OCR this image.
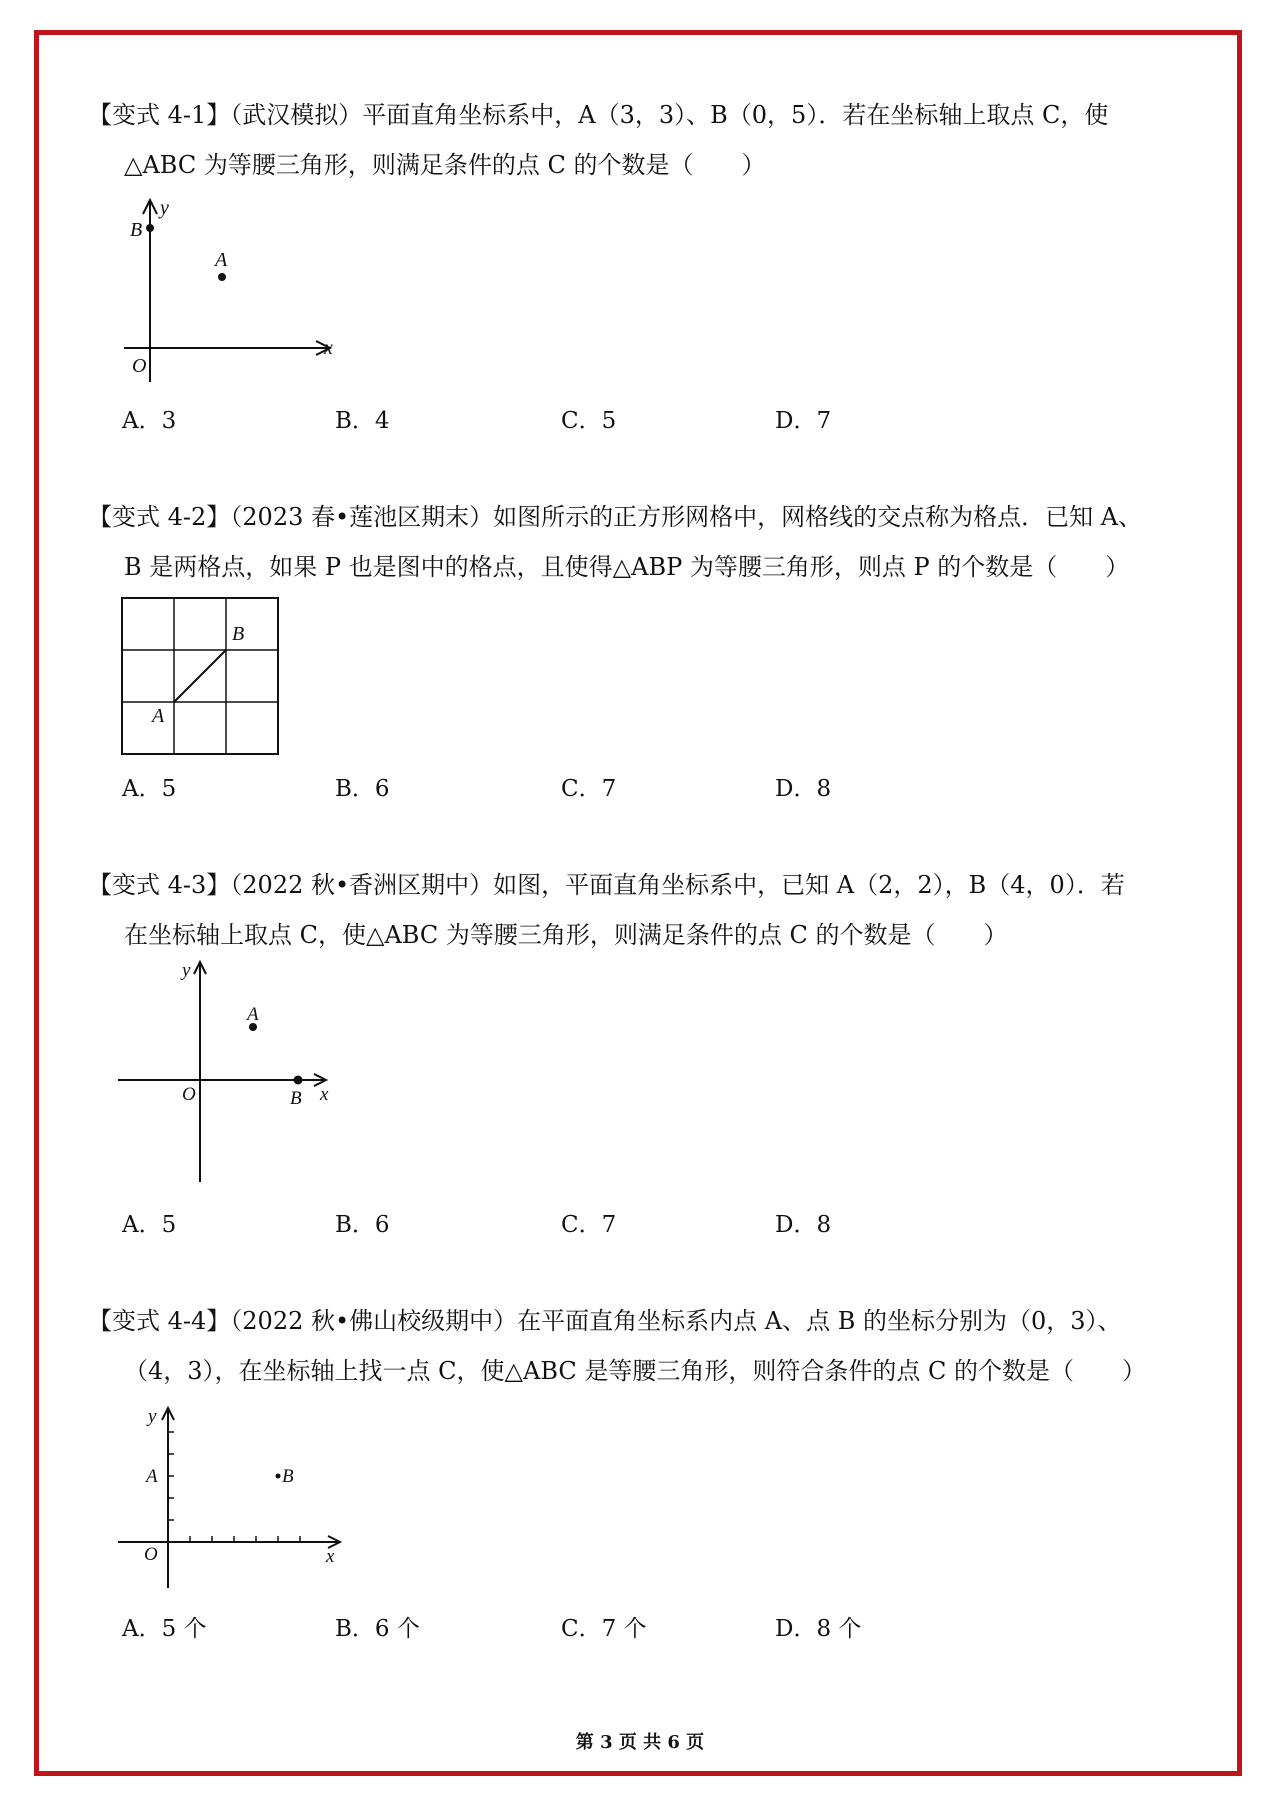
【变式 4-1】（武汉模拟）平面直角坐标系中，A（3，3）、B（0，5）．若在坐标轴上取点 C，使
△ABC 为等腰三角形，则满足条件的点 C 的个数是（　　）
B
y
A
O
x
A．3	B．4	C．5	D．7
【变式 4-2】（2023 春•莲池区期末）如图所示的正方形网格中，网格线的交点称为格点．已知 A、
B 是两格点，如果 P 也是图中的格点，且使得△ABP 为等腰三角形，则点 P 的个数是（　　）
B
A
A．5	B．6	C．7	D．8
【变式 4-3】（2022 秋•香洲区期中）如图，平面直角坐标系中，已知 A（2，2），B（4，0）．若
在坐标轴上取点 C，使△ABC 为等腰三角形，则满足条件的点 C 的个数是（　　）
y
A
O	B x
A．5	B．6	C．7	D．8
【变式 4-4】（2022 秋•佛山校级期中）在平面直角坐标系内点 A、点 B 的坐标分别为（0，3）、
（4，3），在坐标轴上找一点 C，使△ABC 是等腰三角形，则符合条件的点 C 的个数是（　　）
y
A	B
O	x
A．5 个	B．6 个	C．7 个	D．8 个
第 3 页 共 6 页
